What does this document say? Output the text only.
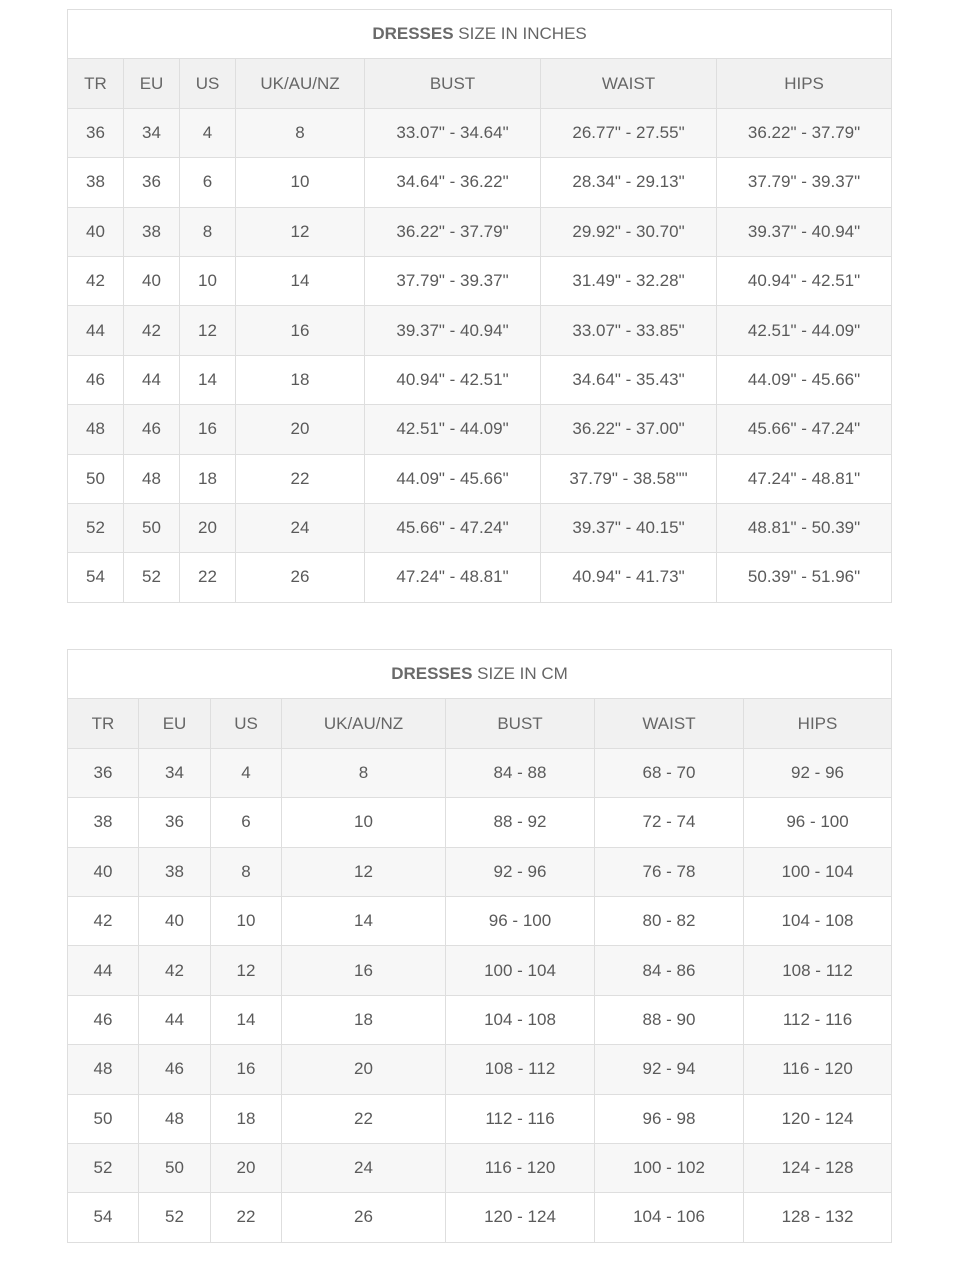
DRESSES SIZE IN INCHES						
TR	EU	US	UK/AU/NZ	BUST	WAIST	HIPS
36	34	4	8	33.07" - 34.64"	26.77" - 27.55"	36.22" - 37.79"
38	36	6	10	34.64" - 36.22"	28.34" - 29.13"	37.79" - 39.37"
40	38	8	12	36.22" - 37.79"	29.92" - 30.70"	39.37" - 40.94"
42	40	10	14	37.79" - 39.37"	31.49" - 32.28"	40.94" - 42.51"
44	42	12	16	39.37" - 40.94"	33.07" - 33.85"	42.51" - 44.09"
46	44	14	18	40.94" - 42.51"	34.64" - 35.43"	44.09" - 45.66"
48	46	16	20	42.51" - 44.09"	36.22" - 37.00"	45.66" - 47.24"
50	48	18	22	44.09" - 45.66"	37.79" - 38.58""	47.24" - 48.81"
52	50	20	24	45.66" - 47.24"	39.37" - 40.15"	48.81" - 50.39"
54	52	22	26	47.24" - 48.81"	40.94" - 41.73"	50.39" - 51.96"
DRESSES SIZE IN CM						
TR	EU	US	UK/AU/NZ	BUST	WAIST	HIPS
36	34	4	8	84 - 88	68 - 70	92 - 96
38	36	6	10	88 - 92	72 - 74	96 - 100
40	38	8	12	92 - 96	76 - 78	100 - 104
42	40	10	14	96 - 100	80 - 82	104 - 108
44	42	12	16	100 - 104	84 - 86	108 - 112
46	44	14	18	104 - 108	88 - 90	112 - 116
48	46	16	20	108 - 112	92 - 94	116 - 120
50	48	18	22	112 - 116	96 - 98	120 - 124
52	50	20	24	116 - 120	100 - 102	124 - 128
54	52	22	26	120 - 124	104 - 106	128 - 132
